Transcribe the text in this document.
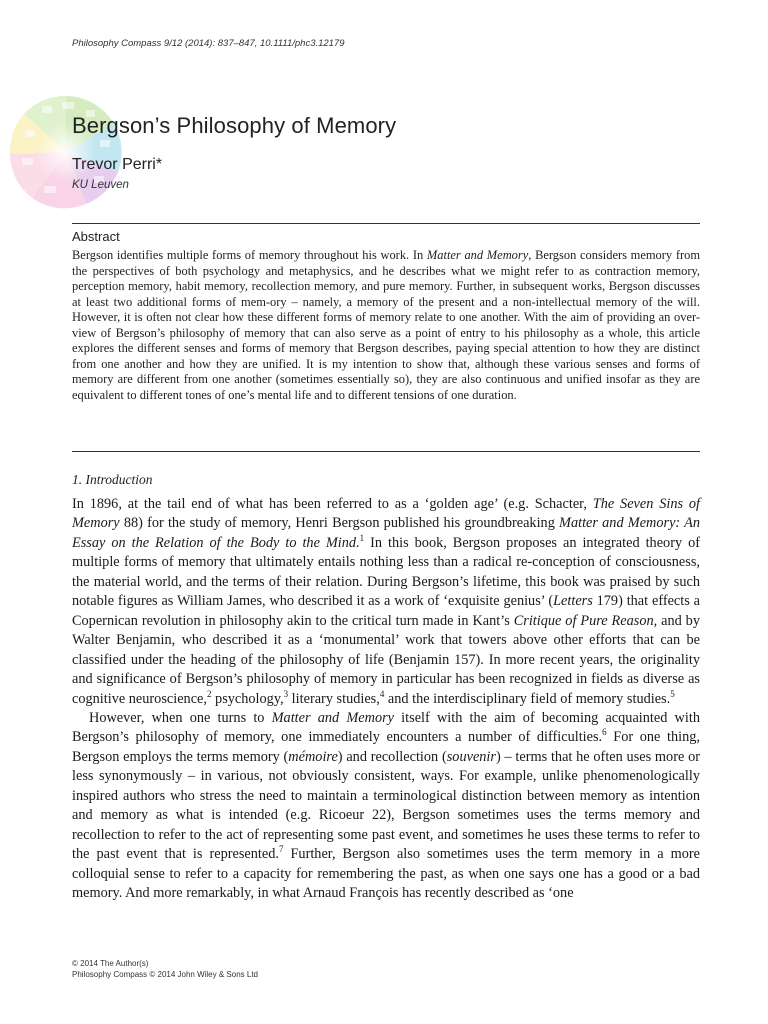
Philosophy Compass 9/12 (2014): 837–847, 10.1111/phc3.12179
Bergson’s Philosophy of Memory
Trevor Perri*
KU Leuven
Abstract

Bergson identifies multiple forms of memory throughout his work. In Matter and Memory, Bergson considers memory from the perspectives of both psychology and metaphysics, and he describes what we might refer to as contraction memory, perception memory, habit memory, recollection memory, and pure memory. Further, in subsequent works, Bergson discusses at least two additional forms of mem-ory – namely, a memory of the present and a non-intellectual memory of the will. However, it is often not clear how these different forms of memory relate to one another. With the aim of providing an over-view of Bergson’s philosophy of memory that can also serve as a point of entry to his philosophy as a whole, this article explores the different senses and forms of memory that Bergson describes, paying special attention to how they are distinct from one another and how they are unified. It is my intention to show that, although these various senses and forms of memory are different from one another (sometimes essentially so), they are also continuous and unified insofar as they are equivalent to different tones of one’s mental life and to different tensions of one duration.

1. Introduction

In 1896, at the tail end of what has been referred to as a ‘golden age’ (e.g. Schacter, The Seven Sins of Memory 88) for the study of memory, Henri Bergson published his groundbreaking Matter and Memory: An Essay on the Relation of the Body to the Mind.$^1$ In this book, Bergson proposes an integrated theory of multiple forms of memory that ultimately entails nothing less than a radical re-conception of consciousness, the material world, and the terms of their relation. During Bergson’s lifetime, this book was praised by such notable figures as William James, who described it as a work of ‘exquisite genius’ (Letters 179) that effects a Copernican revolution in philosophy akin to the critical turn made in Kant’s Critique of Pure Reason, and by Walter Benjamin, who described it as a ‘monumental’ work that towers above other efforts that can be classified under the heading of the philosophy of life (Benjamin 157). In more recent years, the originality and significance of Bergson’s philosophy of memory in particular has been recognized in fields as diverse as cognitive neuroscience,$^2$ psychology,$^3$ literary studies,$^4$ and the interdisciplinary field of memory studies.$^5$

However, when one turns to Matter and Memory itself with the aim of becoming acquainted with Bergson’s philosophy of memory, one immediately encounters a number of difficulties.$^6$ For one thing, Bergson employs the terms memory (mémoire) and recollection (souvenir) – terms that he often uses more or less synonymously – in various, not obviously consistent, ways. For example, unlike phenomenologically inspired authors who stress the need to maintain a terminological distinction between memory as intention and memory as what is intended (e.g. Ricoeur 22), Bergson sometimes uses the terms memory and recollection to refer to the act of representing some past event, and sometimes he uses these terms to refer to the past event that is represented.$^7$ Further, Bergson also sometimes uses the term memory in a more colloquial sense to refer to a capacity for remembering the past, as when one says one has a good or a bad memory. And more remarkably, in what Arnaud François has recently described as ‘one

© 2014 The Author(s)
Philosophy Compass © 2014 John Wiley & Sons Ltd
